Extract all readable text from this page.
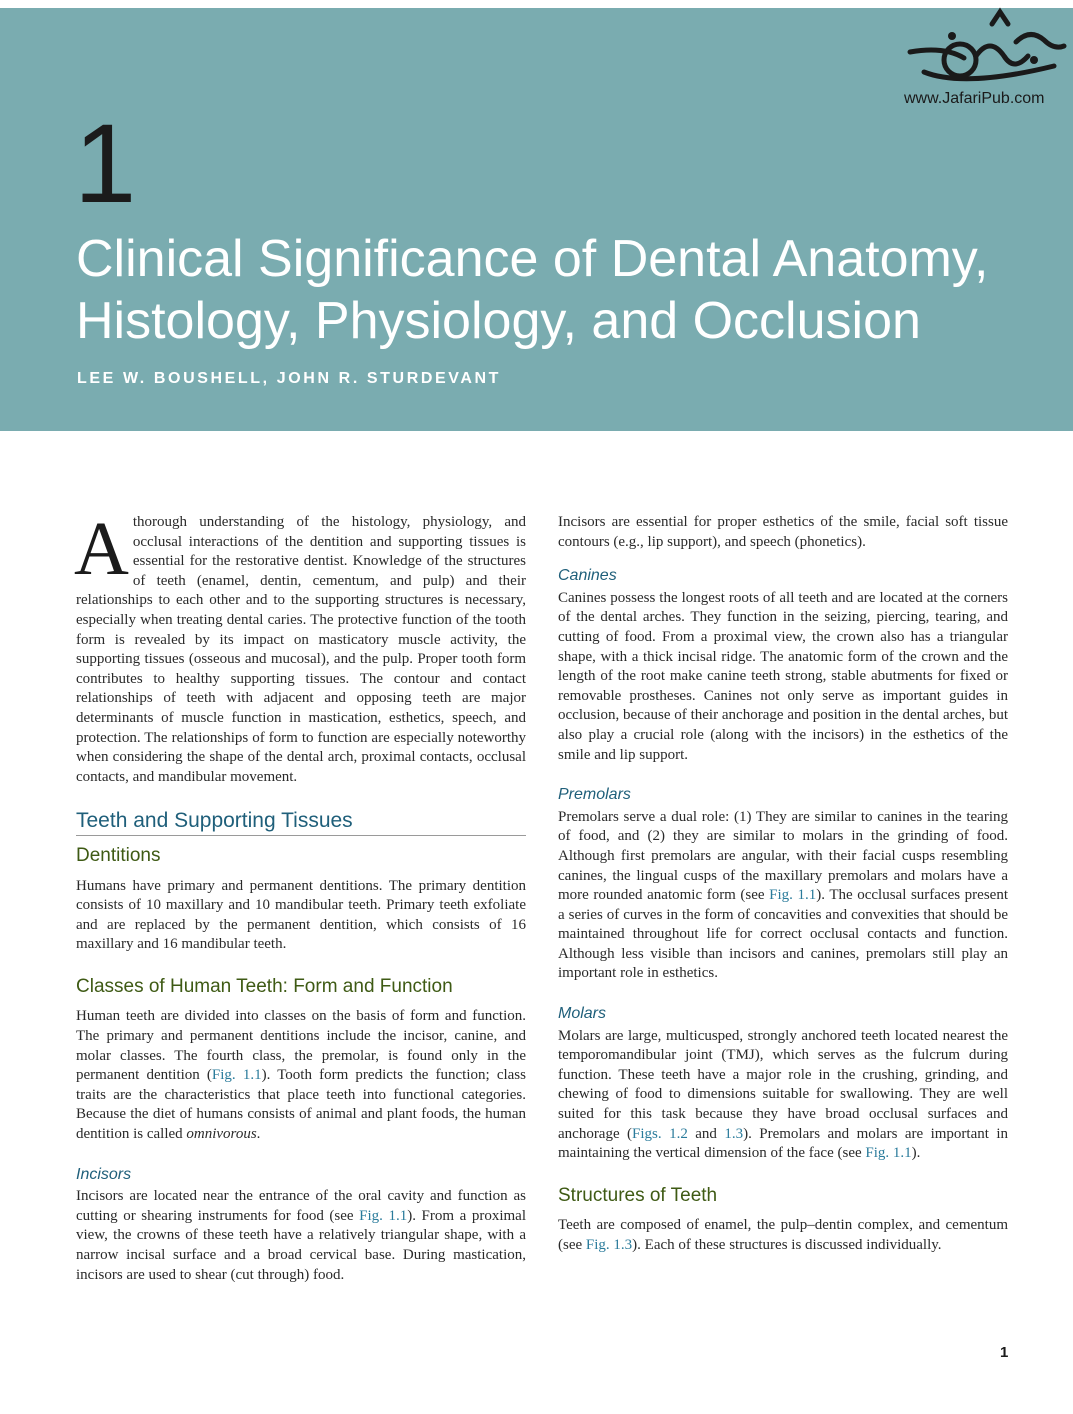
1
Clinical Significance of Dental Anatomy,
Histology, Physiology, and Occlusion
LEE W. BOUSHELL, JOHN R. STURDEVANT
www.JafariPub.com

Athorough understanding of the histology, physiology, and occlusal interactions of the dentition and supporting tissues is essential for the restorative dentist. Knowledge of the structures of teeth (enamel, dentin, cementum, and pulp) and their relationships to each other and to the supporting structures is necessary, especially when treating dental caries. The protective function of the tooth form is revealed by its impact on masticatory muscle activity, the supporting tissues (osseous and mucosal), and the pulp. Proper tooth form contributes to healthy supporting tissues. The contour and contact relationships of teeth with adjacent and opposing teeth are major determinants of muscle function in mastication, esthetics, speech, and protection. The relationships of form to function are especially noteworthy when considering the shape of the dental arch, proximal contacts, occlusal contacts, and mandibular movement.

Teeth and Supporting Tissues
Dentitions

Humans have primary and permanent dentitions. The primary dentition consists of 10 maxillary and 10 mandibular teeth. Primary teeth exfoliate and are replaced by the permanent dentition, which consists of 16 maxillary and 16 mandibular teeth.

Classes of Human Teeth: Form and Function

Human teeth are divided into classes on the basis of form and function. The primary and permanent dentitions include the incisor, canine, and molar classes. The fourth class, the premolar, is found only in the permanent dentition (Fig. 1.1). Tooth form predicts the function; class traits are the characteristics that place teeth into functional categories. Because the diet of humans consists of animal and plant foods, the human dentition is called omnivorous.

Incisors

Incisors are located near the entrance of the oral cavity and function as cutting or shearing instruments for food (see Fig. 1.1). From a proximal view, the crowns of these teeth have a relatively triangular shape, with a narrow incisal surface and a broad cervical base. During mastication, incisors are used to shear (cut through) food.

Incisors are essential for proper esthetics of the smile, facial soft tissue contours (e.g., lip support), and speech (phonetics).

Canines

Canines possess the longest roots of all teeth and are located at the corners of the dental arches. They function in the seizing, piercing, tearing, and cutting of food. From a proximal view, the crown also has a triangular shape, with a thick incisal ridge. The anatomic form of the crown and the length of the root make canine teeth strong, stable abutments for fixed or removable prostheses. Canines not only serve as important guides in occlusion, because of their anchorage and position in the dental arches, but also play a crucial role (along with the incisors) in the esthetics of the smile and lip support.

Premolars

Premolars serve a dual role: (1) They are similar to canines in the tearing of food, and (2) they are similar to molars in the grinding of food. Although first premolars are angular, with their facial cusps resembling canines, the lingual cusps of the maxillary premolars and molars have a more rounded anatomic form (see Fig. 1.1). The occlusal surfaces present a series of curves in the form of concavities and convexities that should be maintained throughout life for correct occlusal contacts and function. Although less visible than incisors and canines, premolars still play an important role in esthetics.

Molars

Molars are large, multicusped, strongly anchored teeth located nearest the temporomandibular joint (TMJ), which serves as the fulcrum during function. These teeth have a major role in the crushing, grinding, and chewing of food to dimensions suitable for swallowing. They are well suited for this task because they have broad occlusal surfaces and anchorage (Figs. 1.2 and 1.3). Premolars and molars are important in maintaining the vertical dimension of the face (see Fig. 1.1).

Structures of Teeth

Teeth are composed of enamel, the pulp–dentin complex, and cementum (see Fig. 1.3). Each of these structures is discussed individually.

1
